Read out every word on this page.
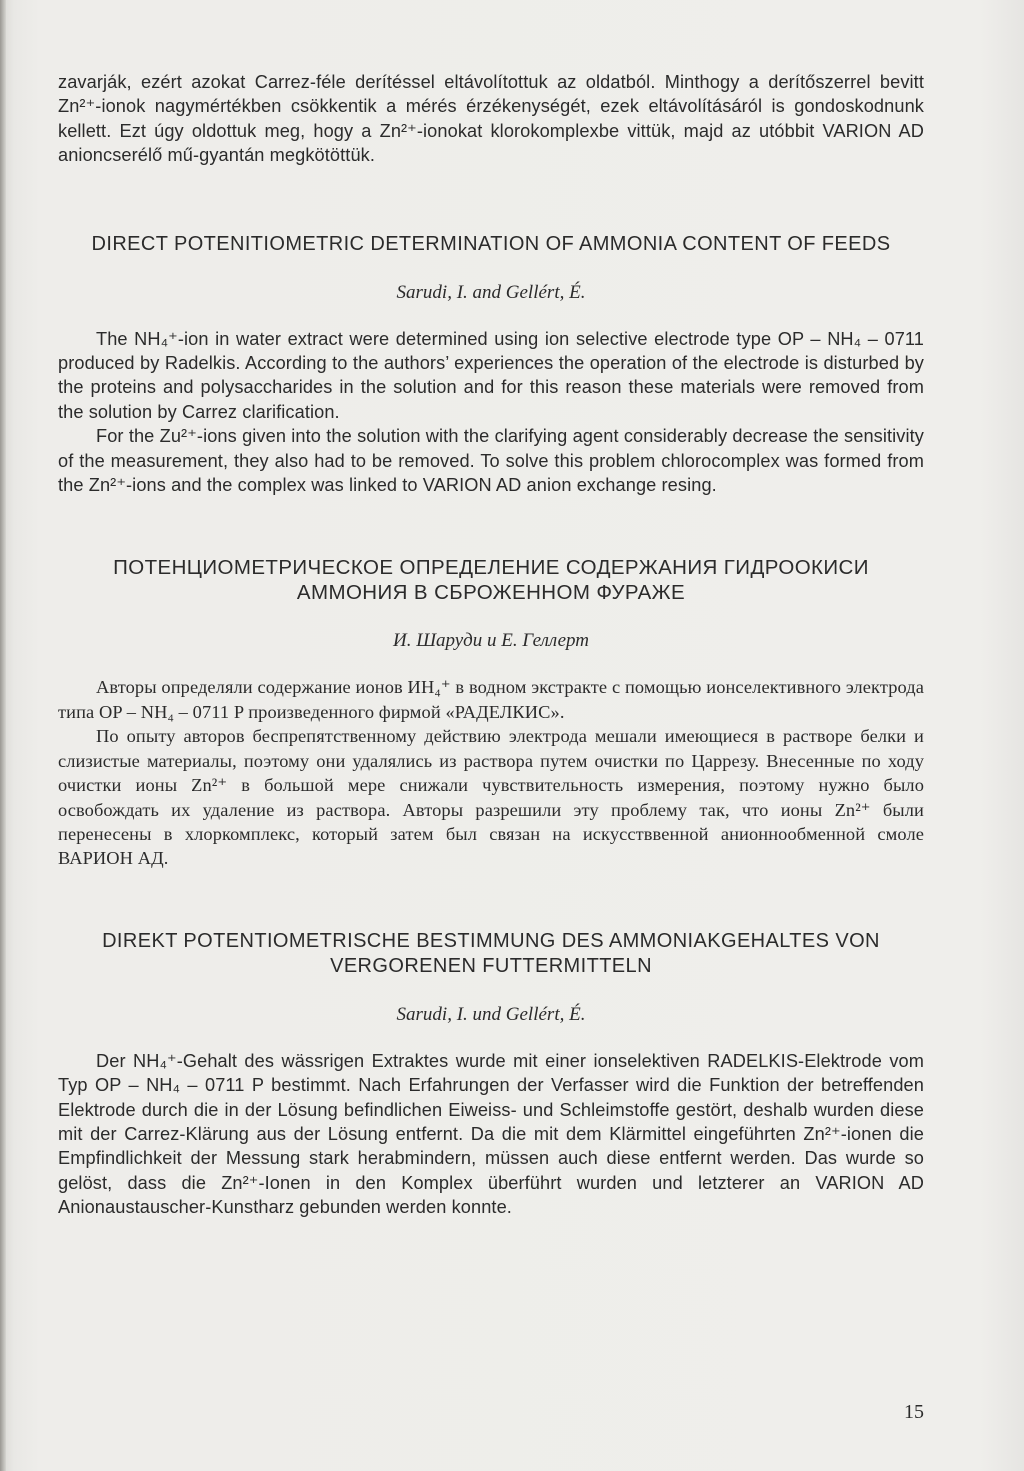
zavarják, ezért azokat Carrez-féle derítéssel eltávolítottuk az oldatból. Minthogy a derítőszerrel bevitt Zn²⁺-ionok nagymértékben csökkentik a mérés érzékenységét, ezek eltávolításáról is gondoskodnunk kellett. Ezt úgy oldottuk meg, hogy a Zn²⁺-ionokat klorokomplexbe vittük, majd az utóbbit VARION AD anioncserélő mű-gyantán megkötöttük.

DIRECT POTENITIOMETRIC DETERMINATION OF AMMONIA CONTENT OF FEEDS
Sarudi, I. and Gellért, É.

The NH₄⁺-ion in water extract were determined using ion selective electrode type OP – NH₄ – 0711 produced by Radelkis. According to the authors’ experiences the operation of the electrode is disturbed by the proteins and polysaccharides in the solution and for this reason these materials were removed from the solution by Carrez clarification.

For the Zu²⁺-ions given into the solution with the clarifying agent considerably decrease the sensitivity of the measurement, they also had to be removed. To solve this problem chlorocomplex was formed from the Zn²⁺-ions and the complex was linked to VARION AD anion exchange resing.

ПОТЕНЦИОМЕТРИЧЕСКОЕ ОПРЕДЕЛЕНИЕ СОДЕРЖАНИЯ ГИДРООКИСИ АММОНИЯ В СБРОЖЕННОМ ФУРАЖЕ
И. Шаруди и Е. Геллерт

Авторы определяли содержание ионов ИН₄⁺ в водном экстракте с помощью ионселективного электрода типа OP – NH₄ – 0711 P произведенного фирмой «РАДЕЛКИС».

По опыту авторов беспрепятственному действию электрода мешали имеющиеся в растворе белки и слизистые материалы, поэтому они удалялись из раствора путем очистки по Царрезу. Внесенные по ходу очистки ионы Zn²⁺ в большой мере снижали чувствительность измерения, поэтому нужно было освобождать их удаление из раствора. Авторы разрешили эту проблему так, что ионы Zn²⁺ были перенесены в хлоркомплекс, который затем был связан на искусстввенной анионнообменной смоле ВАРИОН АД.

DIREKT POTENTIOMETRISCHE BESTIMMUNG DES AMMONIAKGEHALTES VON VERGORENEN FUTTERMITTELN
Sarudi, I. und Gellért, É.

Der NH₄⁺-Gehalt des wässrigen Extraktes wurde mit einer ionselektiven RADELKIS-Elektrode vom Typ OP – NH₄ – 0711 P bestimmt. Nach Erfahrungen der Verfasser wird die Funktion der betreffenden Elektrode durch die in der Lösung befindlichen Eiweiss- und Schleimstoffe gestört, deshalb wurden diese mit der Carrez-Klärung aus der Lösung entfernt. Da die mit dem Klärmittel eingeführten Zn²⁺-ionen die Empfindlichkeit der Messung stark herabmindern, müssen auch diese entfernt werden. Das wurde so gelöst, dass die Zn²⁺-Ionen in den Komplex überführt wurden und letzterer an VARION AD Anionaustauscher-Kunstharz gebunden werden konnte.

15
